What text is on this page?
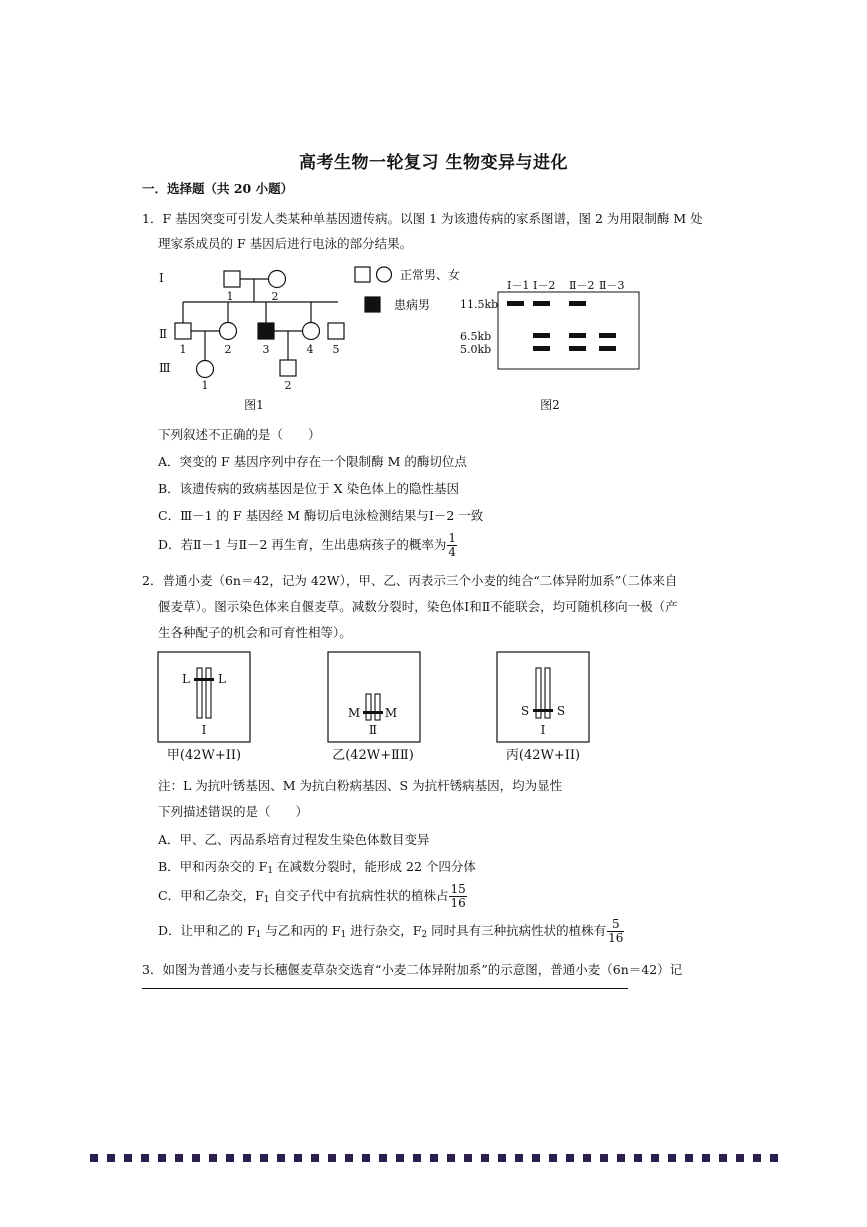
高考生物一轮复习 生物变异与进化
一．选择题（共 20 小题）
1．F 基因突变可引发人类某种单基因遗传病。以图 1 为该遗传病的家系图谱，图 2 为用限制酶 M 处
理家系成员的 F 基因后进行电泳的部分结果。
Ⅰ
Ⅱ
Ⅲ
1	2
1	2	3	4 5
1	2
图1
正常男、女
患病男
Ⅰ－1 Ⅰ－2 Ⅱ－2 Ⅱ－3
11.5kb
6.5kb
5.0kb
图2
下列叙述不正确的是（　　）
A．突变的 F 基因序列中存在一个限制酶 M 的酶切位点
B．该遗传病的致病基因是位于 X 染色体上的隐性基因
C．Ⅲ－1 的 F 基因经 M 酶切后电泳检测结果与Ⅰ－2 一致
D．若Ⅱ－1 与Ⅱ－2 再生育，生出患病孩子的概率为 $\frac{1}{4}$
2．普通小麦（6n＝42，记为 42W），甲、乙、丙表示三个小麦的纯合“二体异附加系”（二体来自
偃麦草）。图示染色体来自偃麦草。减数分裂时，染色体Ⅰ和Ⅱ不能联会，均可随机移向一极（产
生各种配子的机会和可育性相等）。
L L
Ⅰ
M M
Ⅱ
S S
Ⅰ
甲(42W+ⅠⅠ)	乙(42W+ⅡⅡ)	丙(42W+ⅠⅠ)
注：L 为抗叶锈基因、M 为抗白粉病基因、S 为抗杆锈病基因，均为显性
下列描述错误的是（　　）
A．甲、乙、丙品系培育过程发生染色体数目变异
B．甲和丙杂交的 $F_1$ 在减数分裂时，能形成 22 个四分体
C．甲和乙杂交，$F_1$ 自交子代中有抗病性状的植株占 $\frac{15}{16}$
D．让甲和乙的 $F_1$ 与乙和丙的 $F_1$ 进行杂交，$F_2$ 同时具有三种抗病性状的植株有 $\frac{5}{16}$
3．如图为普通小麦与长穗偃麦草杂交选育“小麦二体异附加系”的示意图，普通小麦（6n＝42）记
